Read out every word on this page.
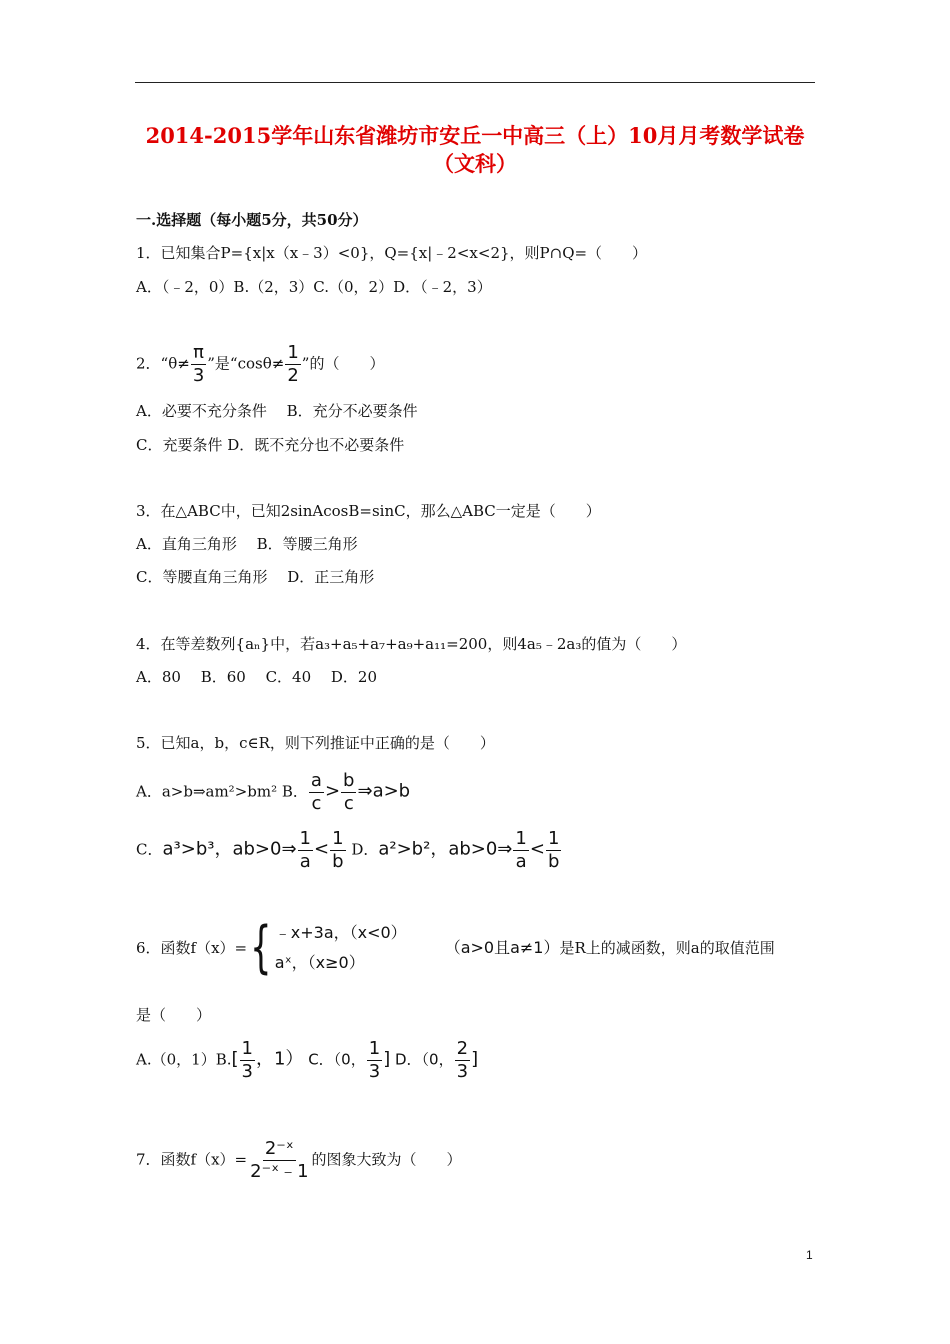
2014-2015学年山东省潍坊市安丘一中高三（上）10月月考数学试卷
（文科）
一.选择题（每小题5分，共50分）
1．已知集合P={x|x（x﹣3）<0}，Q={x|﹣2<x<2}，则P∩Q=（　　）
A．（﹣2，0）B.（2，3）C.（0，2）D．（﹣2，3）
2．“$\theta\ne \frac{\pi}{3}$ ”是“$\cos\theta\ne \frac{1}{2}$ ”的（　　）
A．必要不充分条件　 B．充分不必要条件
C．充要条件 D．既不充分也不必要条件
3．在△ABC中，已知2sinAcosB=sinC，那么△ABC一定是（　　）
A．直角三角形　 B．等腰三角形
C．等腰直角三角形　 D．正三角形
4．在等差数列{aₙ}中，若a₃+a₅+a₇+a₉+a₁₁=200，则4a₅﹣2a₃的值为（　　）
A．80　 B．60　 C．40　 D．20
5．已知a，b，c∈R，则下列推证中正确的是（　　）
A．a>b⇒am²>bm² B． $\frac{a}{c} > \frac{b}{c}$ ⇒a>b
C．a³>b³，ab>0⇒ $\frac{1}{a} < \frac{1}{b}$ D．a²>b²，ab>0⇒ $\frac{1}{a} < \frac{1}{b}$
6．函数f（x）= { ﹣x+3a，（x<0）
aˣ，（x≥0）
（a>0且a≠1） 是R上的减函数，则a的取值范围
是（　　）
A.（0，$1)B.[ \frac{1}{3}$ ，1） C．（0， $\frac{1}{3}$ ] D．（0， $\frac{2}{3}$ ]
7．函数$f(x)= \frac{\text{2⁻ˣ}}{\text{2⁻ˣ﹣1}}$ 的图象大致为（　　）
1
